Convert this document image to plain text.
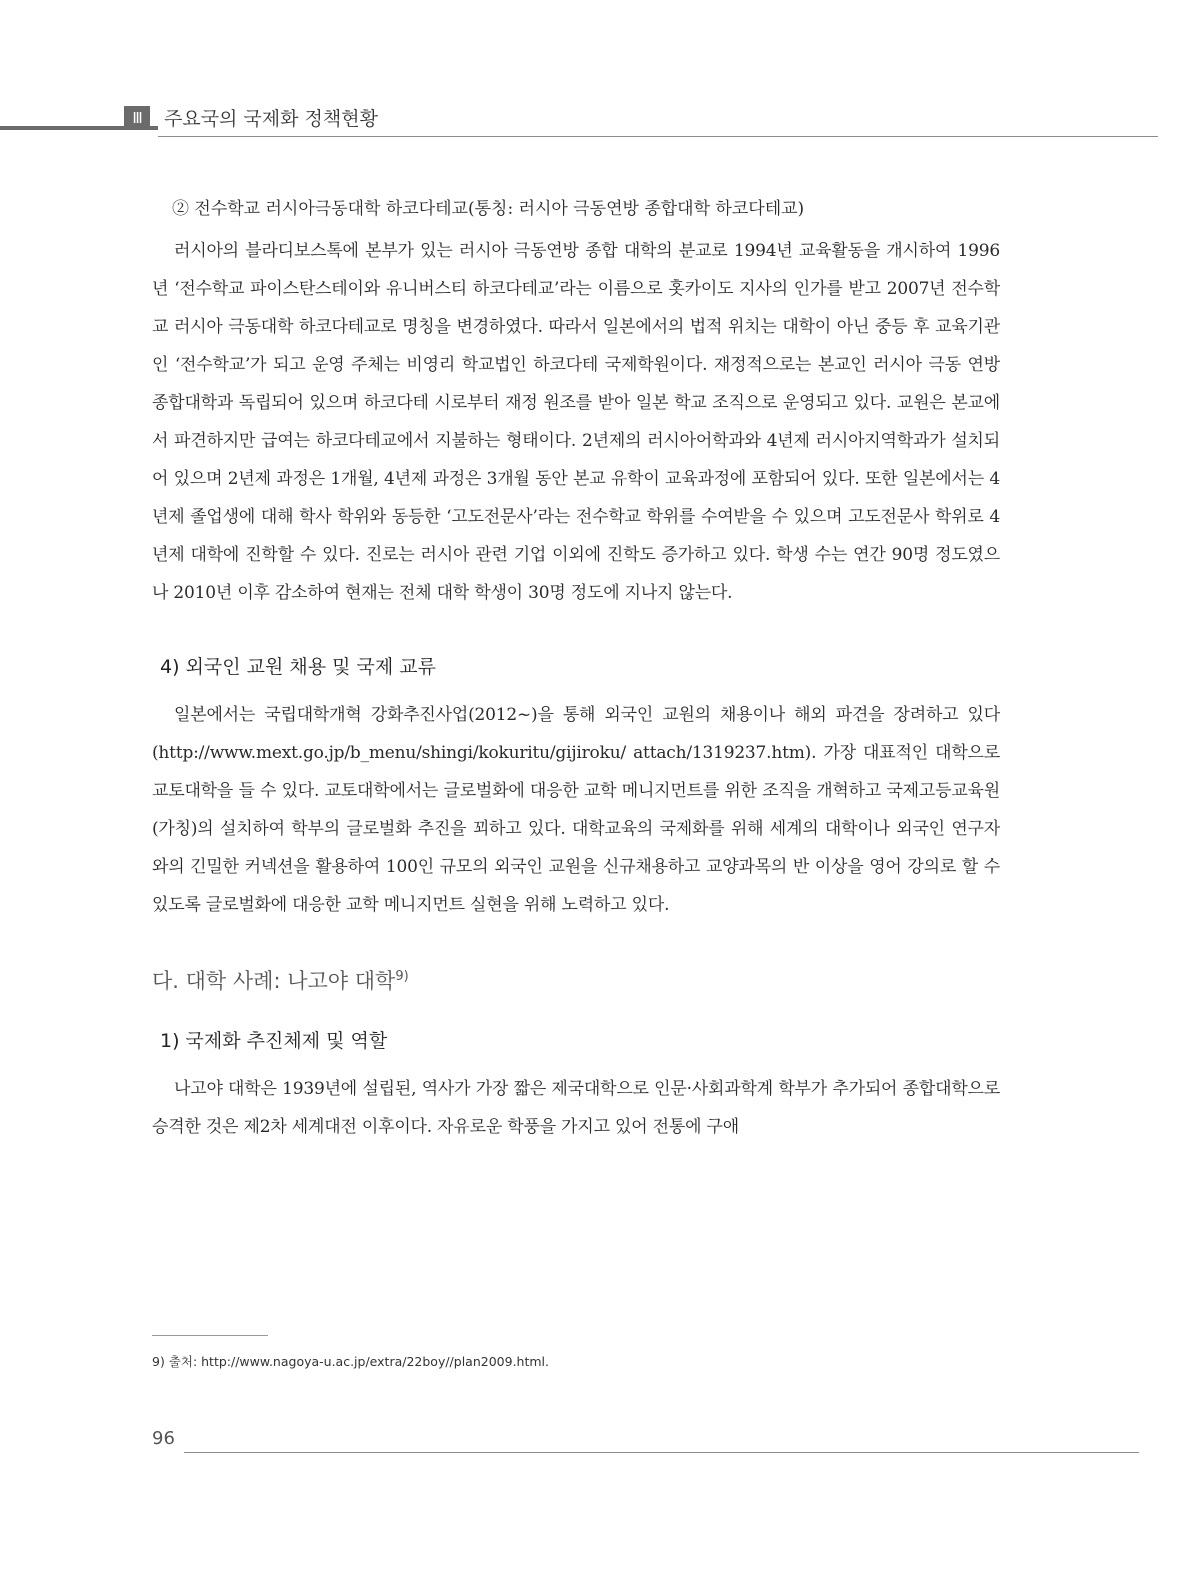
Ⅲ	주요국의 국제화 정책현황
② 전수학교 러시아극동대학 하코다테교(통칭: 러시아 극동연방 종합대학 하코다테교)

러시아의 블라디보스톡에 본부가 있는 러시아 극동연방 종합 대학의 분교로 1994년 교육활동을 개시하여 1996년 ‘전수학교 파이스탄스테이와 유니버스티 하코다테교’라는 이름으로 홋카이도 지사의 인가를 받고 2007년 전수학교 러시아 극동대학 하코다테교로 명칭을 변경하였다. 따라서 일본에서의 법적 위치는 대학이 아닌 중등 후 교육기관인 ‘전수학교’가 되고 운영 주체는 비영리 학교법인 하코다테 국제학원이다. 재정적으로는 본교인 러시아 극동 연방 종합대학과 독립되어 있으며 하코다테 시로부터 재정 원조를 받아 일본 학교 조직으로 운영되고 있다. 교원은 본교에서 파견하지만 급여는 하코다테교에서 지불하는 형태이다. 2년제의 러시아어학과와 4년제 러시아지역학과가 설치되어 있으며 2년제 과정은 1개월, 4년제 과정은 3개월 동안 본교 유학이 교육과정에 포함되어 있다. 또한 일본에서는 4년제 졸업생에 대해 학사 학위와 동등한 ‘고도전문사’라는 전수학교 학위를 수여받을 수 있으며 고도전문사 학위로 4년제 대학에 진학할 수 있다. 진로는 러시아 관련 기업 이외에 진학도 증가하고 있다. 학생 수는 연간 90명 정도였으나 2010년 이후 감소하여 현재는 전체 대학 학생이 30명 정도에 지나지 않는다.

4) 외국인 교원 채용 및 국제 교류

일본에서는 국립대학개혁 강화추진사업(2012~)을 통해 외국인 교원의 채용이나 해외 파견을 장려하고 있다(http://www.mext.go.jp/b_menu/shingi/kokuritu/gijiroku/ attach/1319237.htm). 가장 대표적인 대학으로 교토대학을 들 수 있다. 교토대학에서는 글로벌화에 대응한 교학 메니지먼트를 위한 조직을 개혁하고 국제고등교육원(가칭)의 설치하여 학부의 글로벌화 추진을 꾀하고 있다. 대학교육의 국제화를 위해 세계의 대학이나 외국인 연구자와의 긴밀한 커넥션을 활용하여 100인 규모의 외국인 교원을 신규채용하고 교양과목의 반 이상을 영어 강의로 할 수 있도록 글로벌화에 대응한 교학 메니지먼트 실현을 위해 노력하고 있다.

다. 대학 사례: 나고야 대학$^{9)}$
1) 국제화 추진체제 및 역할

나고야 대학은 1939년에 설립된, 역사가 가장 짧은 제국대학으로 인문·사회과학계 학부가 추가되어 종합대학으로 승격한 것은 제2차 세계대전 이후이다. 자유로운 학풍을 가지고 있어 전통에 구애

9) 출처: http://www.nagoya-u.ac.jp/extra/22boy//plan2009.html.
96
